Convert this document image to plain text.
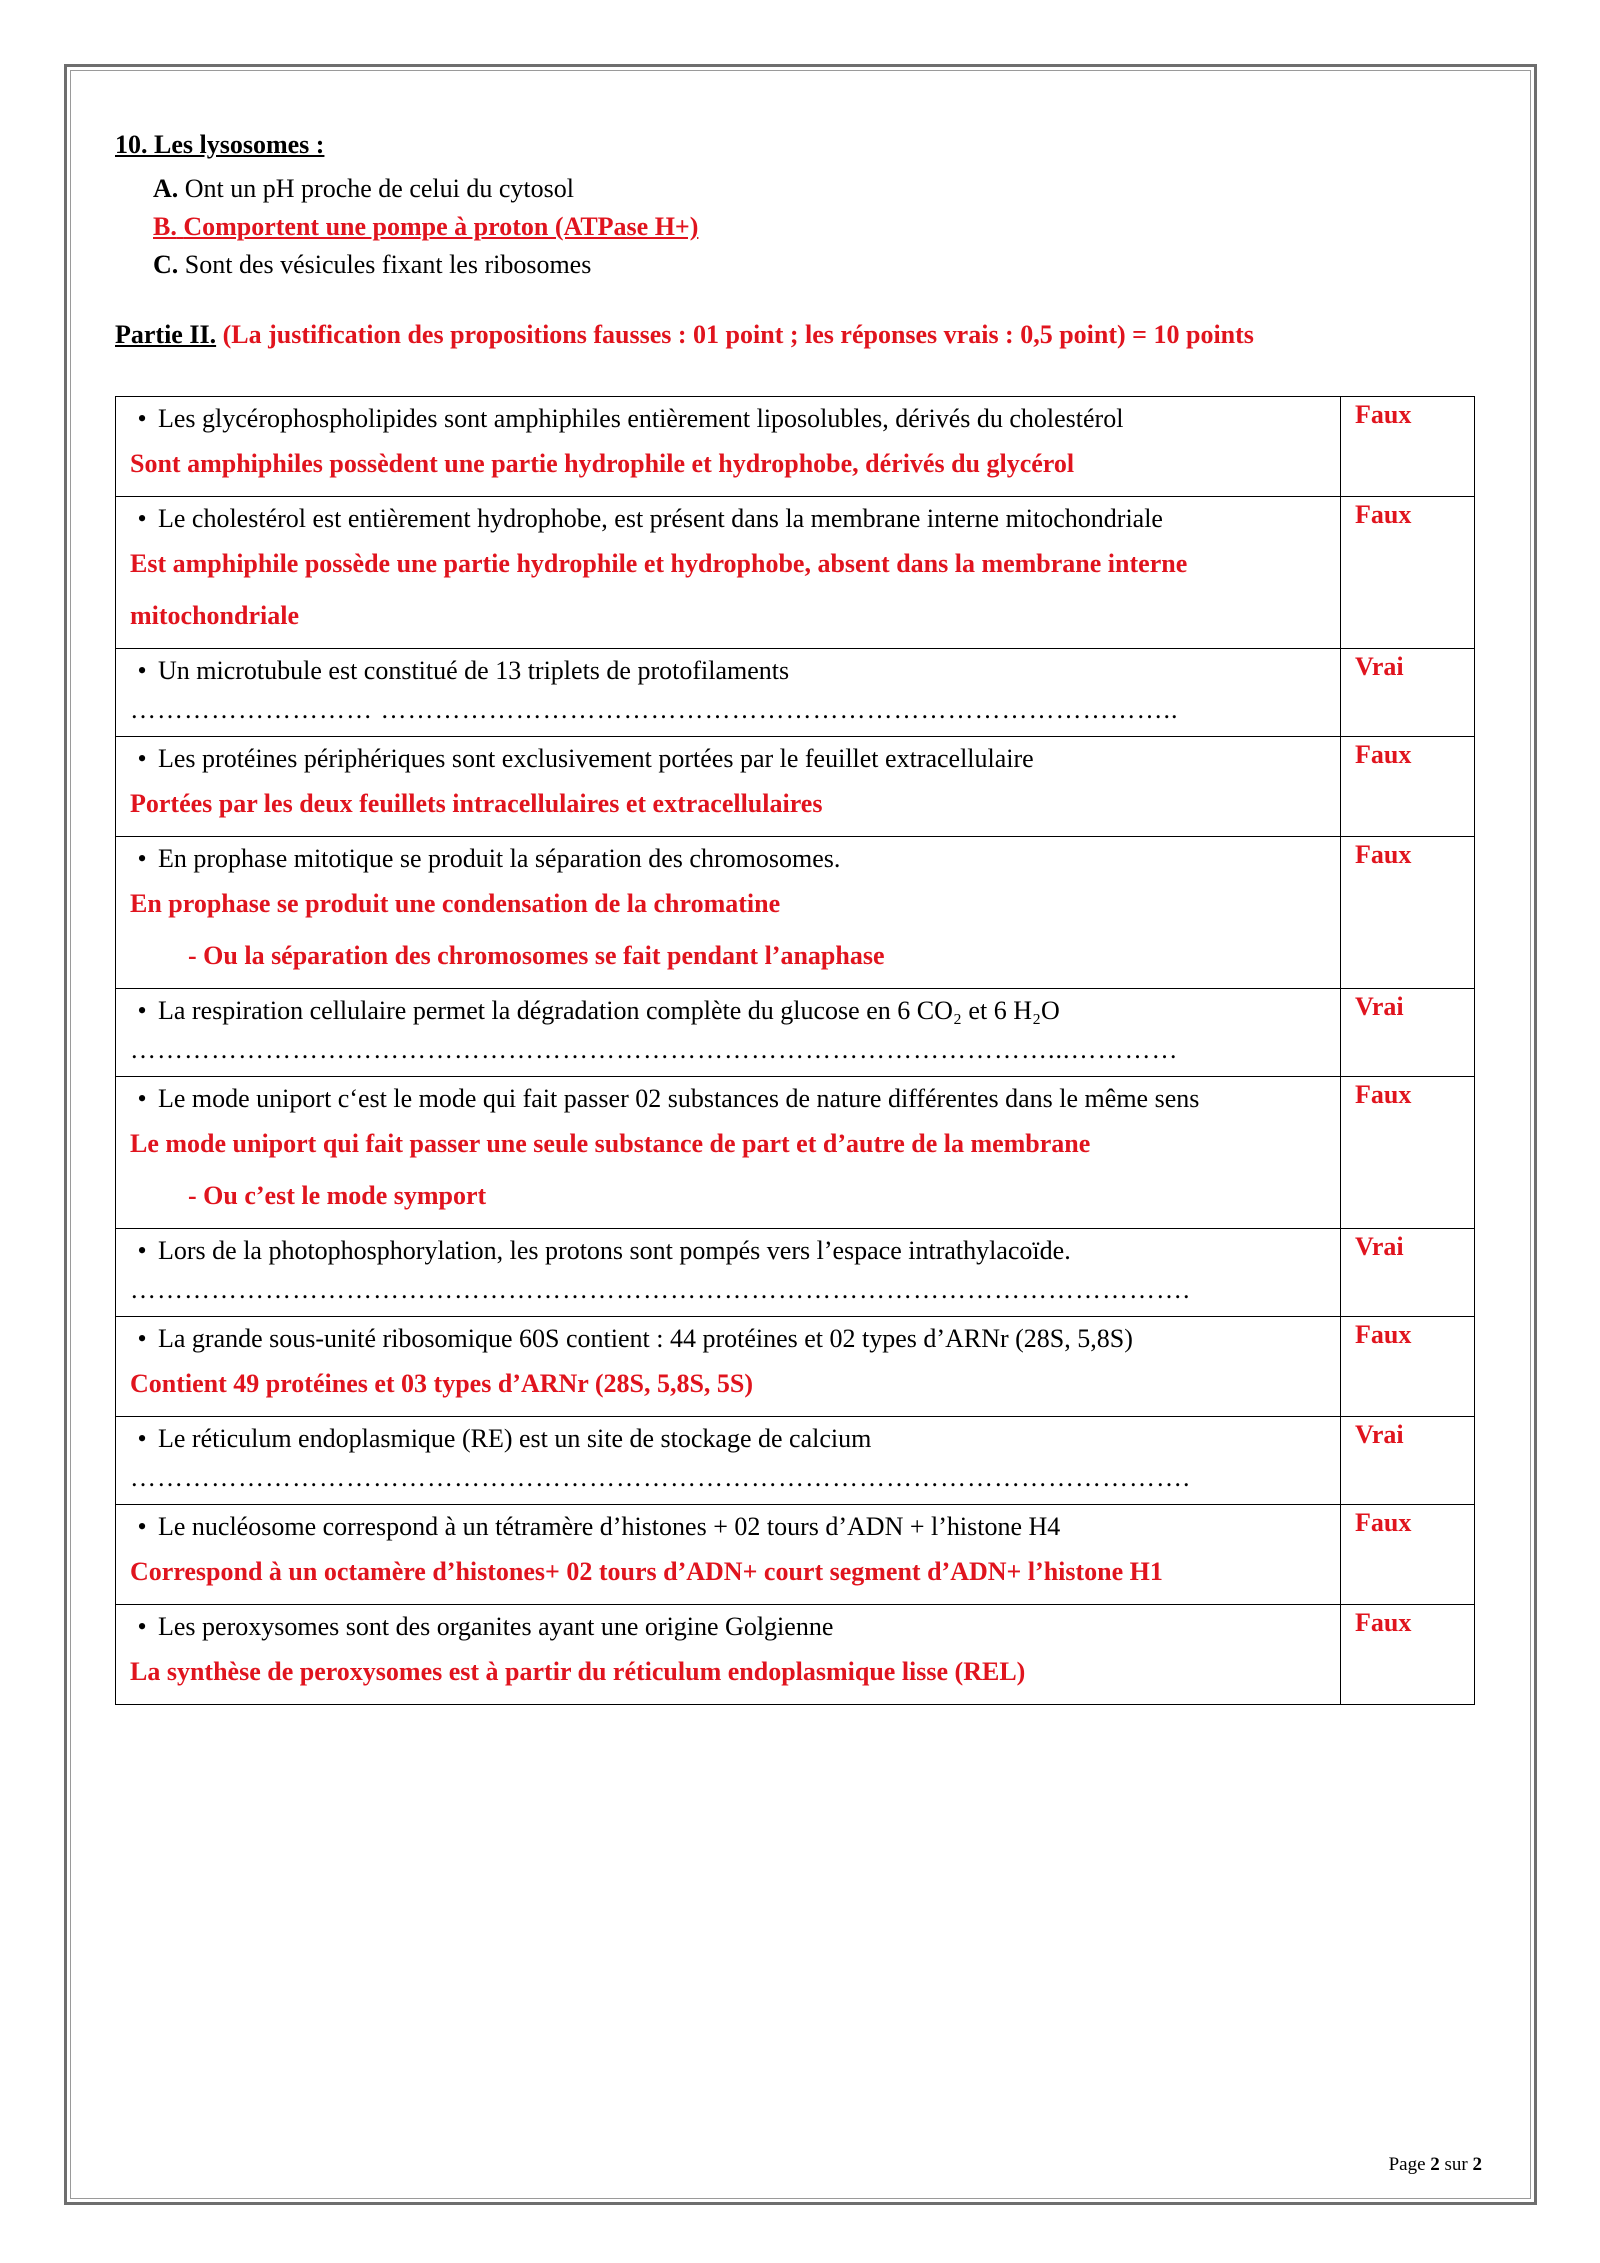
10. Les lysosomes :
A. Ont un pH proche de celui du cytosol
B. Comportent une pompe à proton (ATPase H+)
C. Sont des vésicules fixant les ribosomes
Partie II. (La justification des propositions fausses : 01 point ; les réponses vrais : 0,5 point) = 10 points
• Les glycérophospholipides sont amphiphiles entièrement liposolubles, dérivés du cholestérol
Sont amphiphiles possèdent une partie hydrophile et hydrophobe, dérivés du glycérol	Faux

• Le cholestérol est entièrement hydrophobe, est présent dans la membrane interne mitochondriale
Est amphiphile possède une partie hydrophile et hydrophobe, absent dans la membrane interne mitochondriale	Faux

• Un microtubule est constitué de 13 triplets de protofilaments
……………………… ……………………………………………………………………………..	Vrai

• Les protéines périphériques sont exclusivement portées par le feuillet extracellulaire
Portées par les deux feuillets intracellulaires et extracellulaires	Faux

• En prophase mitotique se produit la séparation des chromosomes.
En prophase se produit une condensation de la chromatine
- Ou la séparation des chromosomes se fait pendant l’anaphase	Faux

• La respiration cellulaire permet la dégradation complète du glucose en 6 CO₂ et 6 H₂O
…………………………………………………………………………………………...…………	Vrai

• Le mode uniport c‘est le mode qui fait passer 02 substances de nature différentes dans le même sens
Le mode uniport qui fait passer une seule substance de part et d’autre de la membrane
- Ou c’est le mode symport	Faux

• Lors de la photophosphorylation, les protons sont pompés vers l’espace intrathylacoïde.
……………………………………………………………………………………………………….	Vrai

• La grande sous-unité ribosomique 60S contient : 44 protéines et 02 types d’ARNr (28S, 5,8S)
Contient 49 protéines et 03 types d’ARNr (28S, 5,8S, 5S)	Faux

• Le réticulum endoplasmique (RE) est un site de stockage de calcium
……………………………………………………………………………………………………….	Vrai

• Le nucléosome correspond à un tétramère d’histones + 02 tours d’ADN + l’histone H4
Correspond à un octamère d’histones+ 02 tours d’ADN+ court segment d’ADN+ l’histone H1	Faux

• Les peroxysomes sont des organites ayant une origine Golgienne
La synthèse de peroxysomes est à partir du réticulum endoplasmique lisse (REL)	Faux
Page 2 sur 2
